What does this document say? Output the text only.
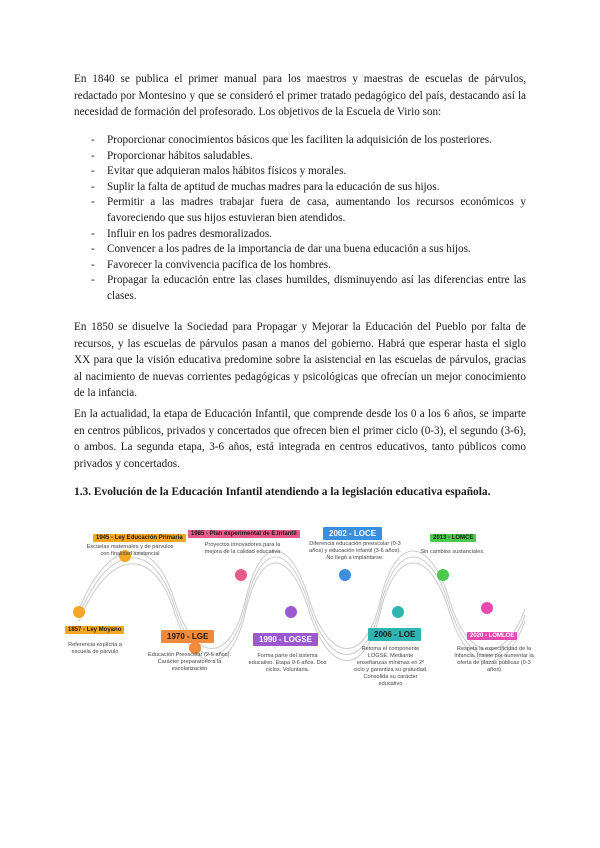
En 1840 se publica el primer manual para los maestros y maestras de escuelas de párvulos, redactado por Montesino y que se consideró el primer tratado pedagógico del país, destacando así la necesidad de formación del profesorado. Los objetivos de la Escuela de Virio son:

- Proporcionar conocimientos básicos que les faciliten la adquisición de los posteriores.
- Proporcionar hábitos saludables.
- Evitar que adquieran malos hábitos físicos y morales.
- Suplir la falta de aptitud de muchas madres para la educación de sus hijos.
- Permitir a las madres trabajar fuera de casa, aumentando los recursos económicos y favoreciendo que sus hijos estuvieran bien atendidos.
- Influir en los padres desmoralizados.
- Convencer a los padres de la importancia de dar una buena educación a sus hijos.
- Favorecer la convivencia pacífica de los hombres.
- Propagar la educación entre las clases humildes, disminuyendo así las diferencias entre las clases.

En 1850 se disuelve la Sociedad para Propagar y Mejorar la Educación del Pueblo por falta de recursos, y las escuelas de párvulos pasan a manos del gobierno. Habrá que esperar hasta el siglo XX para que la visión educativa predomine sobre la asistencial en las escuelas de párvulos, gracias al nacimiento de nuevas corrientes pedagógicas y psicológicas que ofrecían un mejor conocimiento de la infancia.

En la actualidad, la etapa de Educación Infantil, que comprende desde los 0 a los 6 años, se imparte en centros públicos, privados y concertados que ofrecen bien el primer ciclo (0-3), el segundo (3-6), o ambos. La segunda etapa, 3-6 años, está integrada en centros educativos, tanto públicos como privados y concertados.

1.3. Evolución de la Educación Infantil atendiendo a la legislación educativa española.
1945 - Ley Educación Primaria
Escuelas maternales y de párvulos con finalidad asistencial
1985 - Plan experimental de E.Infantil
Proyectos innovadores para la mejora de la calidad educativa
2002 - LOCE
Diferencia educación preescolar (0-3 años) y educación infantil (3-6 años). No llegó a implantarse.
2013 - LOMCE
Sin cambios sustanciales.
1857 - Ley Moyano
Referencia explícita a escuela de párvulo
1970 - LGE
Educación Preescolar (2-5 años). Carácter preparatorio a la escolarización
1990 - LOGSE
Forma parte del sistema educativo. Etapa 0-6 años. Dos ciclos. Voluntaria.
2006 - LOE
Retoma el componente LOGSE. Mediante enseñanzas mínimas en 2º ciclo y garantiza su gratuidad. Consolida su carácter educativo
2020 - LOMLOE
Respeta la especificidad de la Infancia. Insiste por aumentar la oferta de plazas públicas (0-3 años)
